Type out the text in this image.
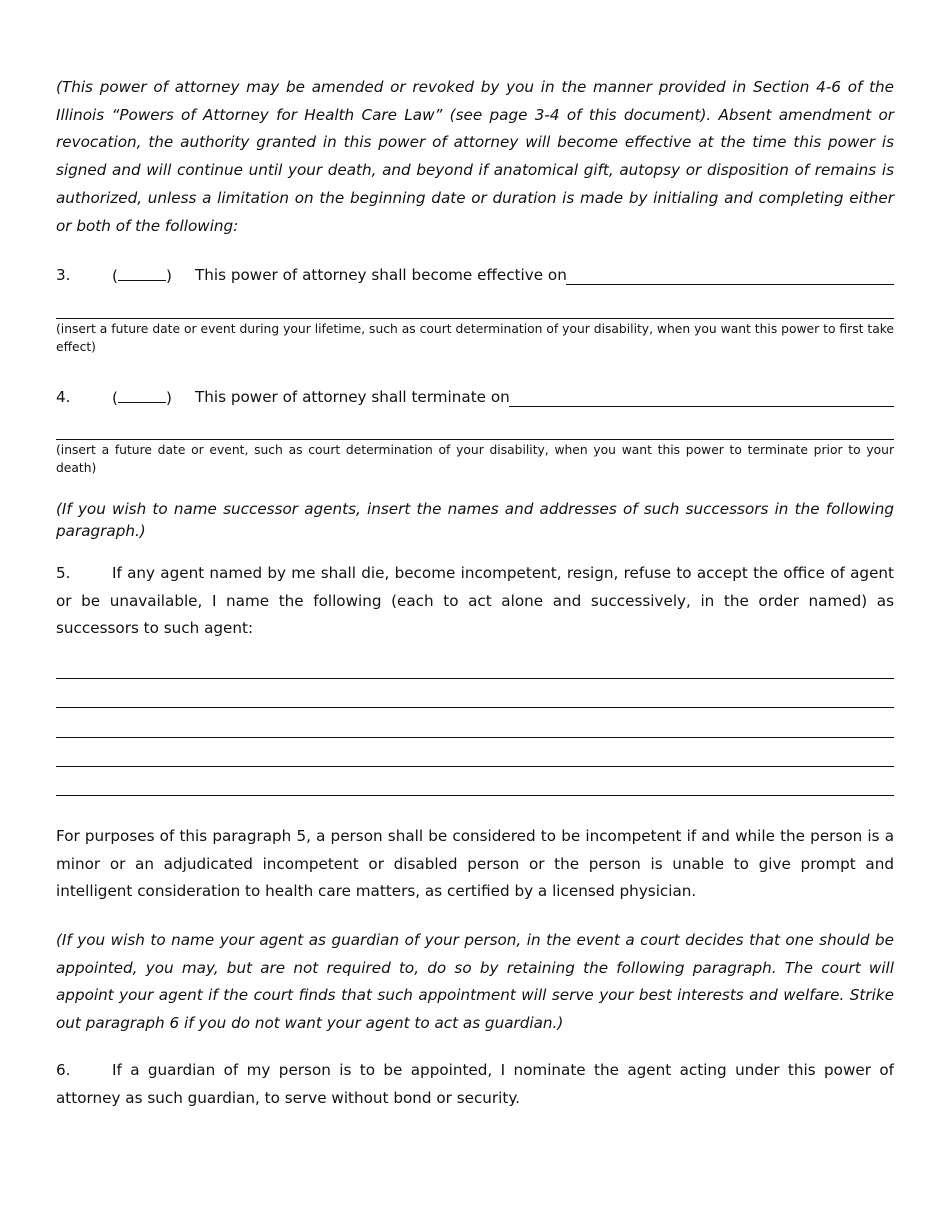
(This power of attorney may be amended or revoked by you in the manner provided in Section 4-6 of the Illinois “Powers of Attorney for Health Care Law” (see page 3-4 of this document). Absent amendment or revocation, the authority granted in this power of attorney will become effective at the time this power is signed and will continue until your death, and beyond if anatomical gift, autopsy or disposition of remains is authorized, unless a limitation on the beginning date or duration is made by initialing and completing either or both of the following:
3.	(	) This power of attorney shall become effective on
(insert a future date or event during your lifetime, such as court determination of your disability, when you want this power to first take effect)
4.	(	) This power of attorney shall terminate on
(insert a future date or event, such as court determination of your disability, when you want this power to terminate prior to your death)
(If you wish to name successor agents, insert the names and addresses of such successors in the following paragraph.)
5.	If any agent named by me shall die, become incompetent, resign, refuse to accept the office of agent or be unavailable, I name the following (each to act alone and successively, in the order named) as successors to such agent:
For purposes of this paragraph 5, a person shall be considered to be incompetent if and while the person is a minor or an adjudicated incompetent or disabled person or the person is unable to give prompt and intelligent consideration to health care matters, as certified by a licensed physician.
(If you wish to name your agent as guardian of your person, in the event a court decides that one should be appointed, you may, but are not required to, do so by retaining the following paragraph. The court will appoint your agent if the court finds that such appointment will serve your best interests and welfare. Strike out paragraph 6 if you do not want your agent to act as guardian.)
6.	If a guardian of my person is to be appointed, I nominate the agent acting under this power of attorney as such guardian, to serve without bond or security.
